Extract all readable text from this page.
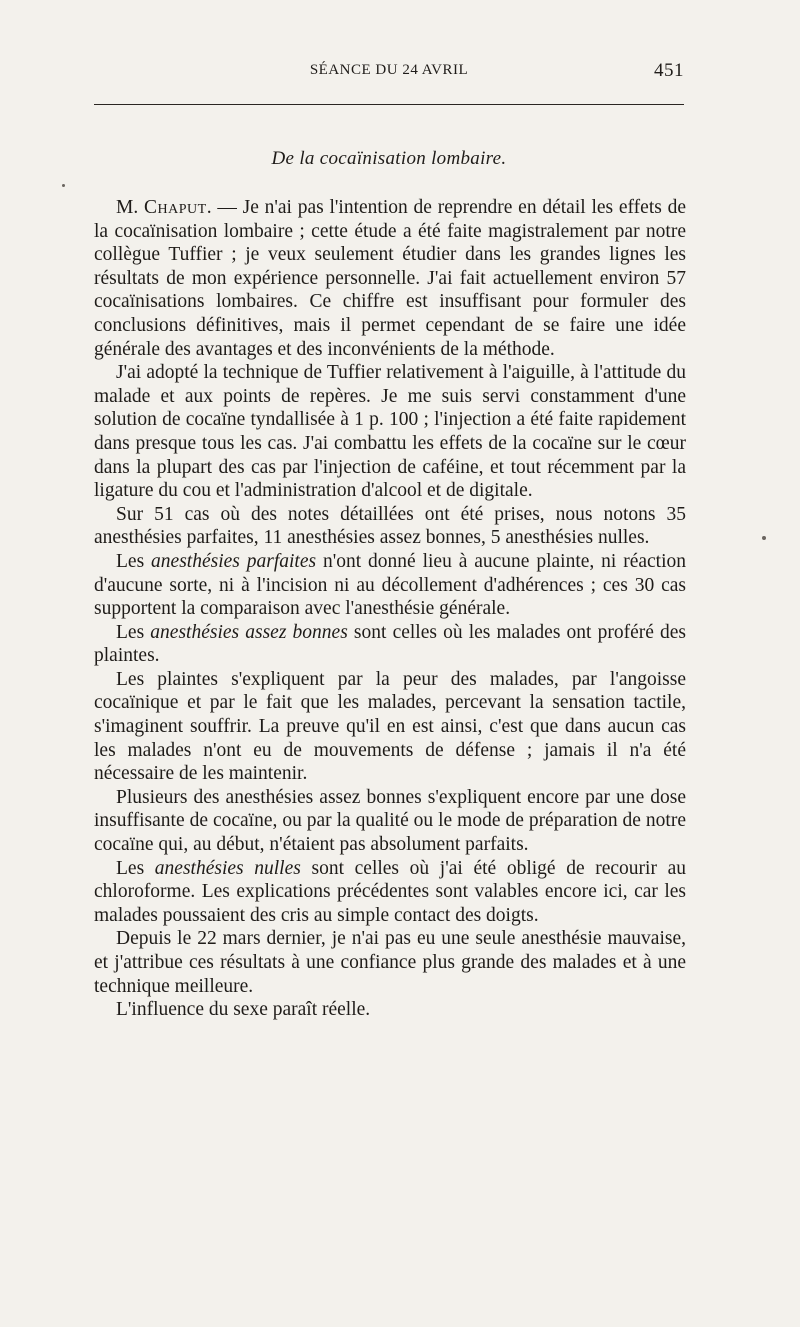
SÉANCE DU 24 AVRIL	451
De la cocaïnisation lombaire.

M. Chaput. — Je n'ai pas l'intention de reprendre en détail les effets de la cocaïnisation lombaire ; cette étude a été faite magistralement par notre collègue Tuffier ; je veux seulement étudier dans les grandes lignes les résultats de mon expérience personnelle. J'ai fait actuellement environ 57 cocaïnisations lombaires. Ce chiffre est insuffisant pour formuler des conclusions définitives, mais il permet cependant de se faire une idée générale des avantages et des inconvénients de la méthode.

J'ai adopté la technique de Tuffier relativement à l'aiguille, à l'attitude du malade et aux points de repères. Je me suis servi constamment d'une solution de cocaïne tyndallisée à 1 p. 100 ; l'injection a été faite rapidement dans presque tous les cas. J'ai combattu les effets de la cocaïne sur le cœur dans la plupart des cas par l'injection de caféine, et tout récemment par la ligature du cou et l'administration d'alcool et de digitale.

Sur 51 cas où des notes détaillées ont été prises, nous notons 35 anesthésies parfaites, 11 anesthésies assez bonnes, 5 anesthésies nulles.

Les anesthésies parfaites n'ont donné lieu à aucune plainte, ni réaction d'aucune sorte, ni à l'incision ni au décollement d'adhérences ; ces 30 cas supportent la comparaison avec l'anesthésie générale.

Les anesthésies assez bonnes sont celles où les malades ont proféré des plaintes.

Les plaintes s'expliquent par la peur des malades, par l'angoisse cocaïnique et par le fait que les malades, percevant la sensation tactile, s'imaginent souffrir. La preuve qu'il en est ainsi, c'est que dans aucun cas les malades n'ont eu de mouvements de défense ; jamais il n'a été nécessaire de les maintenir.

Plusieurs des anesthésies assez bonnes s'expliquent encore par une dose insuffisante de cocaïne, ou par la qualité ou le mode de préparation de notre cocaïne qui, au début, n'étaient pas absolument parfaits.

Les anesthésies nulles sont celles où j'ai été obligé de recourir au chloroforme. Les explications précédentes sont valables encore ici, car les malades poussaient des cris au simple contact des doigts.

Depuis le 22 mars dernier, je n'ai pas eu une seule anesthésie mauvaise, et j'attribue ces résultats à une confiance plus grande des malades et à une technique meilleure.

L'influence du sexe paraît réelle.
